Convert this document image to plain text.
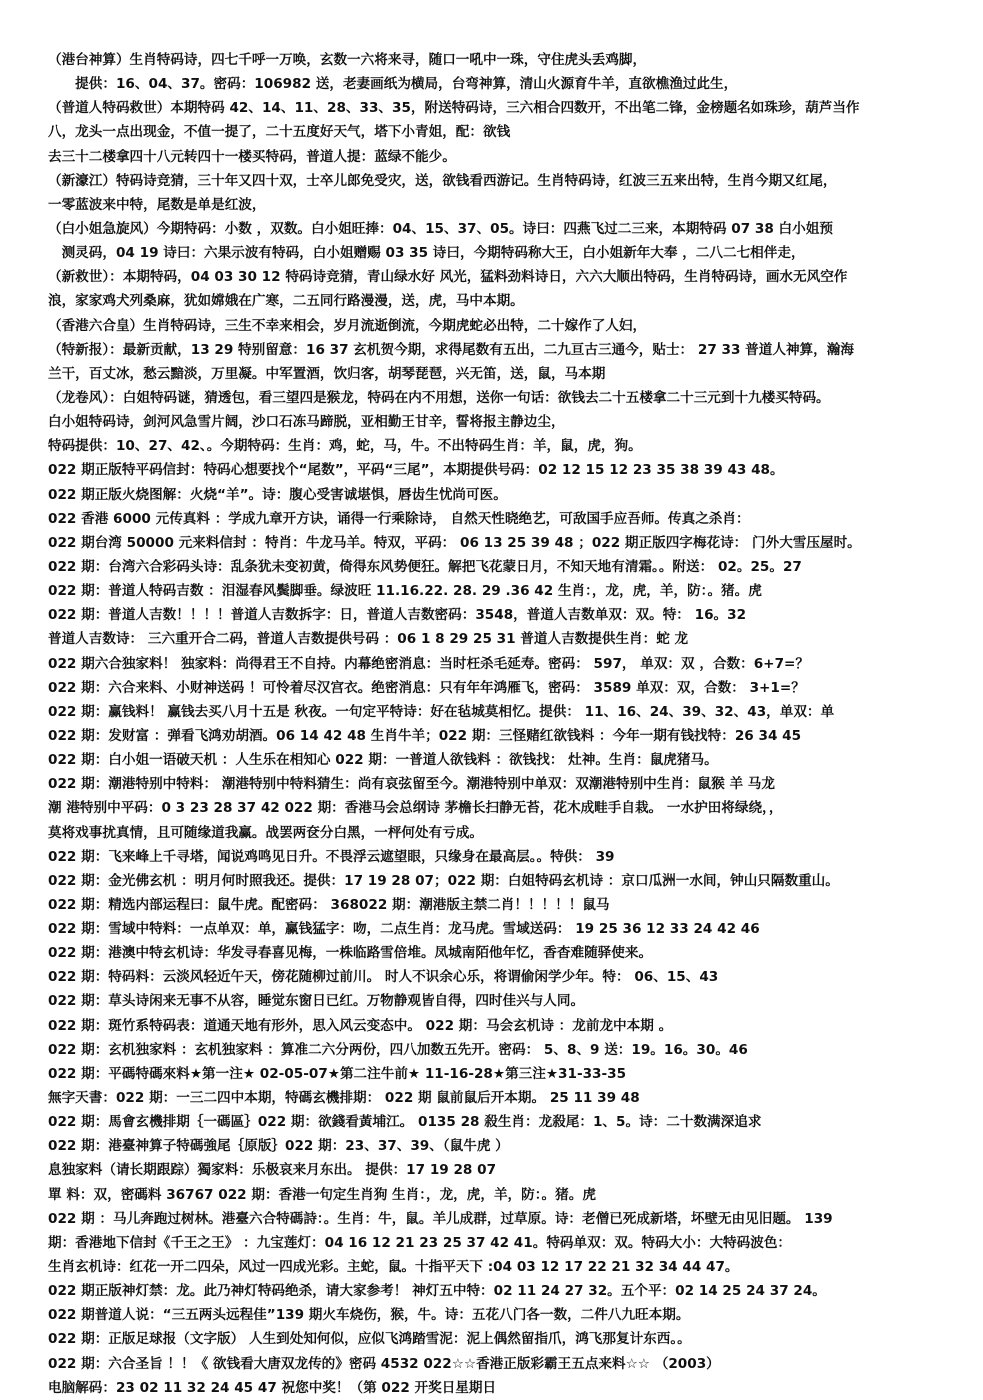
（港台神算）生肖特码诗，四七千呼一万唤，玄数一六将来寻，随口一吼中一珠，守住虎头丢鸡脚，
　　提供：16、04、37。密码：106982 送，老妻画纸为横局，台弯神算，清山火源育牛羊，直欲樵渔过此生，
（普道人特码救世）本期特码 42、14、11、28、33、35，附送特码诗，三六相合四数开，不出笔二锋，金榜题名如珠珍，葫芦当作
八，龙头一点出现金，不值一提了，二十五度好天气，塔下小青姐，配：欲钱
去三十二楼拿四十八元转四十一楼买特码，普道人提：蓝绿不能少。
（新濠江）特码诗竞猜，三十年又四十双，士卒儿郎免受灾，送，欲钱看西游记。生肖特码诗，红波三五来出特，生肖今期又红尾，
一零蓝波来中特，尾数是单是红波，
（白小姐急旋风）今期特码：小数 ，双数。白小姐旺捧：04、15、37、05。诗曰：四燕飞过二三来，本期特码 07 38 白小姐预
　测灵码，04 19 诗曰：六果示波有特码，白小姐赠赐 03 35 诗曰，今期特码称大王，白小姐新年大奉 ，二八二七相伴走，
（新救世）：本期特码，04 03 30 12 特码诗竞猜，青山绿水好 风光，猛料劲料诗日，六六大顺出特码，生肖特码诗，画水无风空作
浪，家家鸡犬列桑麻，犹如嫦娥在广寒，二五同行路漫漫，送，虎，马中本期。
（香港六合皇）生肖特码诗，三生不幸来相会，岁月流逝倒流，今期虎蛇必出特，二十嫁作了人妇，
（特新报）：最新贡献，13 29 特别留意：16 37 玄机贺今期，求得尾数有五出，二九亘古三通今，贴士： 27 33 普道人神算，瀚海
兰干，百丈冰，愁云黯淡，万里凝。中军置酒，饮归客，胡琴琵琶，兴无笛，送，鼠，马本期
（龙卷风）：白姐特码谜，猜透包，看三望四是猴龙，特码在内不用想，送你一句话：欲钱去二十五楼拿二十三元到十九楼买特码。
白小姐特码诗，剑河风急雪片阔，沙口石冻马蹄脱，亚相勤王甘辛，誓将报主静边尘，
特码提供：10、27、42、。今期特码：生肖：鸡，蛇，马，牛。不出特码生肖：羊，鼠，虎，狗。
022 期正版特平码信封：特码心想要找个“尾数”，平码“三尾”，本期提供号码：02 12 15 12 23 35 38 39 43 48。
022 期正版火烧图解：火烧“羊”。诗：腹心受害诚堪惧，唇齿生忧尚可医。
022 香港 6000 元传真料 ：学成九章开方诀，诵得一行乘除诗， 自然天性晓绝艺，可敌国手应吾师。传真之杀肖：
022 期台湾 50000 元来料信封 ：特肖：牛龙马羊。特双，平码： 06 13 25 39 48 ；022 期正版四字梅花诗： 门外大雪压屋时。
022 期：台湾六合彩码头诗：乱条犹未变初黄，倚得东风势便狂。解把飞花蒙日月，不知天地有清霜。。附送： 02。25。27
022 期：普道人特码吉数 ：泪湿春风鬓脚垂。绿波旺 11.16.22. 28. 29 .36 42 生肖：，龙，虎，羊，防：。猪。虎
022 期：普道人吉数！！！！普道人吉数拆字：日，普道人吉数密码：3548，普道人吉数单双：双。特： 16。32
普道人吉数诗： 三六重开合二码，普道人吉数提供号码 ：06 1 8 29 25 31 普道人吉数提供生肖：蛇 龙
022 期六合独家料！ 独家料：尚得君王不自持。内幕绝密消息：当时枉杀毛延寿。密码： 597， 单双：双 ，合数：6+7=？
022 期：六合来料、小财神送码 ！可怜着尽汉宫衣。绝密消息：只有年年鸿雁飞，密码： 3589 单双：双，合数： 3+1=？
022 期：赢钱料！ 赢钱去买八月十五是 秋夜。一句定平特诗：好在毡城莫相忆。提供： 11、16、24、39、32、43，单双：单
022 期：发财富 ：弹看飞鸿劝胡酒。06 14 42 48 生肖牛羊；022 期：三怪赌红欲钱料 ：今年一期有钱找特：26 34 45
022 期：白小姐一语破天机 ：人生乐在相知心 022 期：一普道人欲钱料 ：欲钱找： 灶神。生肖：鼠虎猪马。
022 期：潮港特别中特料： 潮港特别中特料猜生：尚有哀弦留至今。潮港特别中单双：双潮港特别中生肖：鼠猴 羊 马龙
潮 港特别中平码：0 3 23 28 37 42 022 期：香港马会总纲诗 茅檐长扫静无苔，花木成畦手自栽。 一水护田将绿绕，，
莫将戏事扰真情，且可随缘道我赢。战罢两奁分白黑，一枰何处有亏成。
022 期：飞来峰上千寻塔，闻说鸡鸣见日升。不畏浮云遮望眼，只缘身在最高层。。特供： 39
022 期：金光佛玄机 ：明月何时照我还。提供：17 19 28 07；022 期：白姐特码玄机诗 ：京口瓜洲一水间，钟山只隔数重山。
022 期：精选内部运程曰：鼠牛虎。配密码： 368022 期：潮港版主禁二肖！！！！！鼠马
022 期：雪域中特料：一点单双：单，赢钱猛字：吻，二点生肖：龙马虎。雪域送码： 19 25 36 12 33 24 42 46
022 期：港澳中特玄机诗：华发寻春喜见梅，一株临路雪倍堆。凤城南陌他年忆，香杳难随驿使来。
022 期：特码料：云淡风轻近午天，傍花随柳过前川。 时人不识余心乐，将谓偷闲学少年。特： 06、15、43
022 期：草头诗闲来无事不从容，睡觉东窗日已红。万物静观皆自得，四时佳兴与人同。
022 期：斑竹系特码表：道通天地有形外，思入风云变态中。 022 期：马会玄机诗 ：龙前龙中本期 。
022 期：玄机独家料 ：玄机独家料 ：算准二六分两份，四八加数五先开。密码： 5、8、9 送：19。16。30。46
022 期：平碼特碼來料★第一注★ 02-05-07★第二注牛前★ 11-16-28★第三注★31-33-35
無字天書：022 期：一三二四中本期，特碼玄機排期： 022 期 鼠前鼠后开本期。 25 11 39 48
022 期：馬會玄機排期｛一碼區｝022 期：欲錢看黃埔江。 0135 28 殺生肖：龙殺尾：1、5。诗：二十数满深追求
022 期：港臺神算子特碼強尾｛原版｝022 期：23、37、39、（鼠牛虎 ）
息独家料（请长期跟踪）獨家料：乐极哀来月东出。 提供：17 19 28 07
單 料：双，密碼料 36767 022 期：香港一句定生肖狗 生肖：，龙，虎，羊，防：。猪。虎
022 期 ：马儿奔跑过树林。港臺六合特碼詩：。生肖：牛，鼠。羊儿成群，过草原。诗：老僧已死成新塔，坏壁无由见旧题。 139
期：香港地下信封《千王之王》 ：九宝莲灯：04 16 12 21 23 25 37 42 41。特码单双：双。特码大小：大特码波色：
生肖玄机诗：红花一开二四朵，风过一四成光彩。主蛇，鼠。十指平天下 :04 03 12 17 22 21 32 34 44 47。
022 期正版神灯禁：龙。此乃神灯特码绝杀，请大家参考！ 神灯五中特：02 11 24 27 32。五个平：02 14 25 24 37 24。
022 期普道人说：“三五两头远程佳”139 期火车烧伤，猴，牛。诗：五花八门各一数，二件八九旺本期。
022 期：正版足球报（文字版） 人生到处知何似，应似飞鸿踏雪泥：泥上偶然留指爪，鸿飞那复计东西。。
022 期：六合圣旨 ！！《 欲钱看大唐双龙传的》密码 4532 022☆☆香港正版彩霸王五点来料☆☆ （2003）
电脑解码：23 02 11 32 24 45 47 祝您中奖！（第 022 开奖日星期日
